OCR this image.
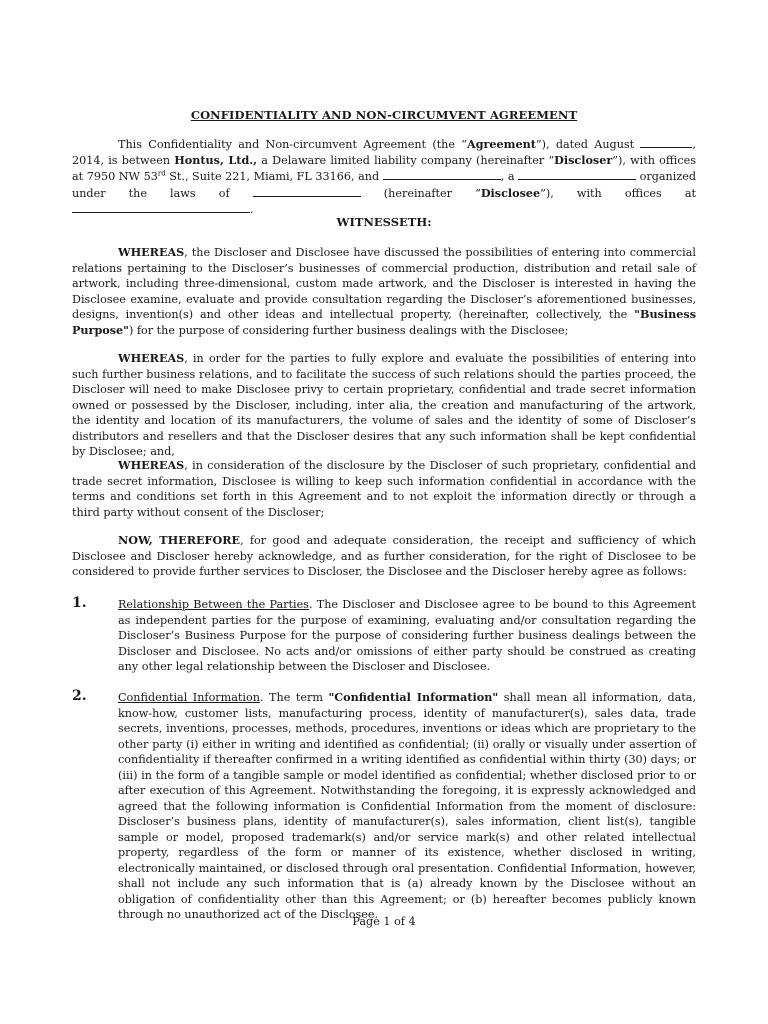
CONFIDENTIALITY AND NON-CIRCUMVENT AGREEMENT

This Confidentiality and Non-circumvent Agreement (the “Agreement”), dated August	, 2014, is between Hontus, Ltd., a Delaware limited liability company (hereinafter “Discloser”), with offices at 7950 NW 53rd St., Suite 221, Miami, FL 33166, and	, a	organized under the laws of	(hereinafter “Disclosee”), with offices at .

WITNESSETH:

WHEREAS, the Discloser and Disclosee have discussed the possibilities of entering into commercial relations pertaining to the Discloser’s businesses of commercial production, distribution and retail sale of artwork, including three-dimensional, custom made artwork, and the Discloser is interested in having the Disclosee examine, evaluate and provide consultation regarding the Discloser’s aforementioned businesses, designs, invention(s) and other ideas and intellectual property, (hereinafter, collectively, the "Business Purpose") for the purpose of considering further business dealings with the Disclosee;

WHEREAS, in order for the parties to fully explore and evaluate the possibilities of entering into such further business relations, and to facilitate the success of such relations should the parties proceed, the Discloser will need to make Disclosee privy to certain proprietary, confidential and trade secret information owned or possessed by the Discloser, including, inter alia, the creation and manufacturing of the artwork, the identity and location of its manufacturers, the volume of sales and the identity of some of Discloser’s distributors and resellers and that the Discloser desires that any such information shall be kept confidential by Disclosee; and,

WHEREAS, in consideration of the disclosure by the Discloser of such proprietary, confidential and trade secret information, Disclosee is willing to keep such information confidential in accordance with the terms and conditions set forth in this Agreement and to not exploit the information directly or through a third party without consent of the Discloser;

NOW, THEREFORE, for good and adequate consideration, the receipt and sufficiency of which Disclosee and Discloser hereby acknowledge, and as further consideration, for the right of Disclosee to be considered to provide further services to Discloser, the Disclosee and the Discloser hereby agree as follows:

1.	Relationship Between the Parties. The Discloser and Disclosee agree to be bound to this Agreement as independent parties for the purpose of examining, evaluating and/or consultation regarding the Discloser’s Business Purpose for the purpose of considering further business dealings between the Discloser and Disclosee. No acts and/or omissions of either party should be construed as creating any other legal relationship between the Discloser and Disclosee.

2.	Confidential Information. The term "Confidential Information" shall mean all information, data, know-how, customer lists, manufacturing process, identity of manufacturer(s), sales data, trade secrets, inventions, processes, methods, procedures, inventions or ideas which are proprietary to the other party (i) either in writing and identified as confidential; (ii) orally or visually under assertion of confidentiality if thereafter confirmed in a writing identified as confidential within thirty (30) days; or (iii) in the form of a tangible sample or model identified as confidential; whether disclosed prior to or after execution of this Agreement. Notwithstanding the foregoing, it is expressly acknowledged and agreed that the following information is Confidential Information from the moment of disclosure: Discloser’s business plans, identity of manufacturer(s), sales information, client list(s), tangible sample or model, proposed trademark(s) and/or service mark(s) and other related intellectual property, regardless of the form or manner of its existence, whether disclosed in writing, electronically maintained, or disclosed through oral presentation. Confidential Information, however, shall not include any such information that is (a) already known by the Disclosee without an obligation of confidentiality other than this Agreement; or (b) hereafter becomes publicly known through no unauthorized act of the Disclosee.

Page 1 of 4
